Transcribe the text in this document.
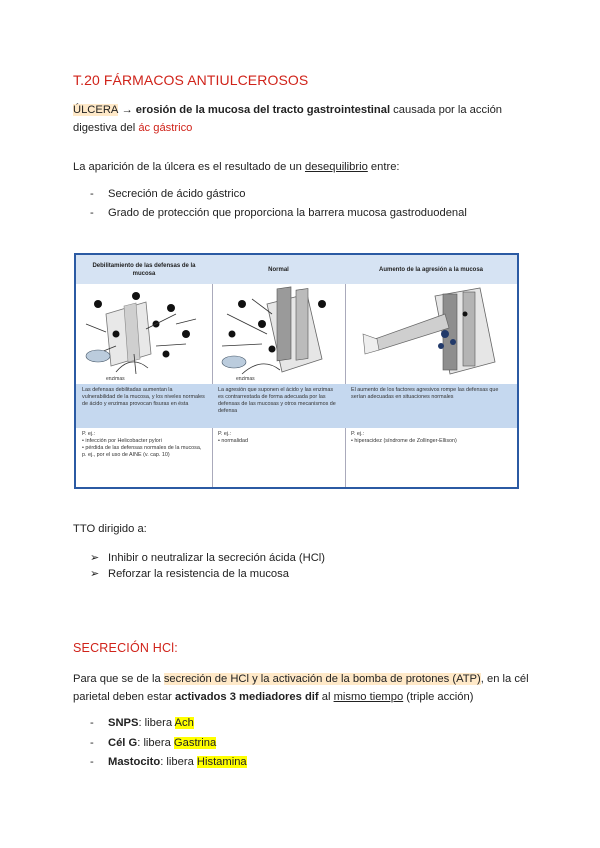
T.20 FÁRMACOS ANTIULCEROSOS
ÚLCERA → erosión de la mucosa del tracto gastrointestinal causada por la acción
digestiva del ác gástrico
La aparición de la úlcera es el resultado de un desequilibrio entre:
- Secreción de ácido gástrico
- Grado de protección que proporciona la barrera mucosa gastroduodenal
Debilitamiento de las defensas de la mucosa
enzimas
Las defensas debilitadas aumentan la vulnerabilidad de la mucosa, y los niveles normales de ácido y enzimas provocan fisuras en ésta
P. ej.:
• infección por Helicobacter pylori
• pérdida de las defensas normales de la mucosa, p. ej., por el uso de AINE (v. cap. 10)
Normal
enzimas
La agresión que suponen el ácido y las enzimas es contrarrestada de forma adecuada por las defensas de las mucosas y otros mecanismos de defensa
P. ej.:
• normalidad
Aumento de la agresión a la mucosa
El aumento de los factores agresivos rompe las defensas que serían adecuadas en situaciones normales
P. ej.:
• hiperacidez (síndrome de Zollinger-Ellison)
TTO dirigido a:
➢ Inhibir o neutralizar la secreción ácida (HCl)
➢ Reforzar la resistencia de la mucosa
SECRECIÓN HCl:
Para que se de la secreción de HCl y la activación de la bomba de protones (ATP), en la cél
parietal deben estar activados 3 mediadores dif al mismo tiempo (triple acción)
- SNPS: libera Ach
- Cél G: libera Gastrina
- Mastocito: libera Histamina
